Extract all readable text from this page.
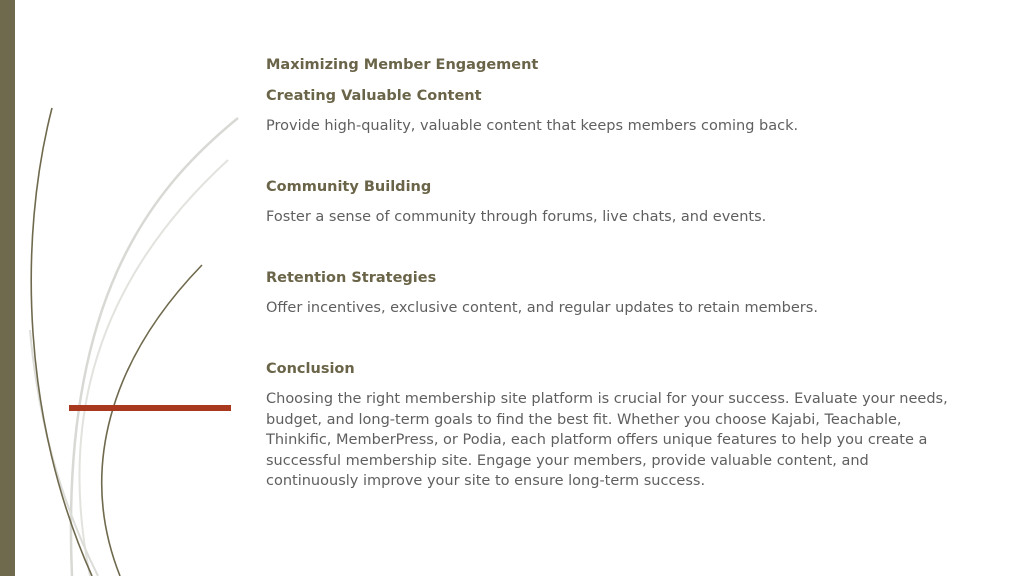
Maximizing Member Engagement

Creating Valuable Content

Provide high-quality, valuable content that keeps members coming back.

Community Building

Foster a sense of community through forums, live chats, and events.

Retention Strategies

Offer incentives, exclusive content, and regular updates to retain members.

Conclusion

Choosing the right membership site platform is crucial for your success. Evaluate your needs, budget, and long-term goals to find the best fit. Whether you choose Kajabi, Teachable, Thinkific, MemberPress, or Podia, each platform offers unique features to help you create a successful membership site. Engage your members, provide valuable content, and continuously improve your site to ensure long-term success.
